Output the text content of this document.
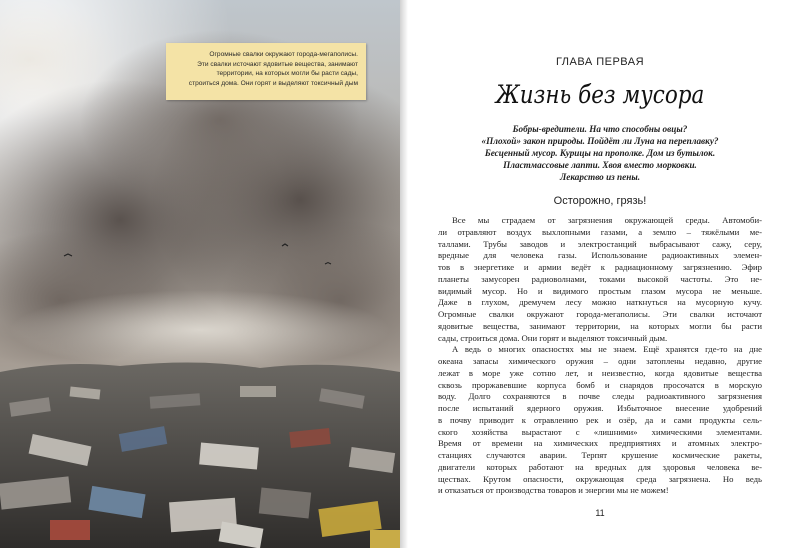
Огромные свалки окружают города-мегаполисы.
Эти свалки источают ядовитые вещества, занимают
территории, на которых могли бы расти сады,
строиться дома. Они горят и выделяют токсичный дым
ГЛАВА ПЕРВАЯ
Жизнь без мусора
Бобры-вредители. На что способны овцы?
«Плохой» закон природы. Пойдёт ли Луна на переплавку?
Бесценный мусор. Курицы на прополке. Дом из бутылок.
Пластмассовые лапти. Хвоя вместо морковки.
Лекарство из пены.
Осторожно, грязь!
Все мы страдаем от загрязнения окружающей среды. Автомоби-
ли отравляют воздух выхлопными газами, а землю – тяжёлыми ме-
таллами. Трубы заводов и электростанций выбрасывают сажу, серу,
вредные для человека газы. Использование радиоактивных элемен-
тов в энергетике и армии ведёт к радиационному загрязнению. Эфир
планеты замусорен радиоволнами, токами высокой частоты. Это не-
видимый мусор. Но и видимого простым глазом мусора не меньше.
Даже в глухом, дремучем лесу можно наткнуться на мусорную кучу.
Огромные свалки окружают города-мегаполисы. Эти свалки источают
ядовитые вещества, занимают территории, на которых могли бы расти
сады, строиться дома. Они горят и выделяют токсичный дым.
А ведь о многих опасностях мы не знаем. Ещё хранятся где-то на дне
океана запасы химического оружия – одни затоплены недавно, другие
лежат в море уже сотню лет, и неизвестно, когда ядовитые вещества
сквозь проржавевшие корпуса бомб и снарядов просочатся в морскую
воду. Долго сохраняются в почве следы радиоактивного загрязнения
после испытаний ядерного оружия. Избыточное внесение удобрений
в почву приводит к отравлению рек и озёр, да и сами продукты сель-
ского хозяйства вырастают с «лишними» химическими элементами.
Время от времени на химических предприятиях и атомных электро-
станциях случаются аварии. Терпят крушение космические ракеты,
двигатели которых работают на вредных для здоровья человека ве-
ществах. Крутом опасности, окружающая среда загрязнена. Но ведь
и отказаться от производства товаров и энергии мы не можем!
11
